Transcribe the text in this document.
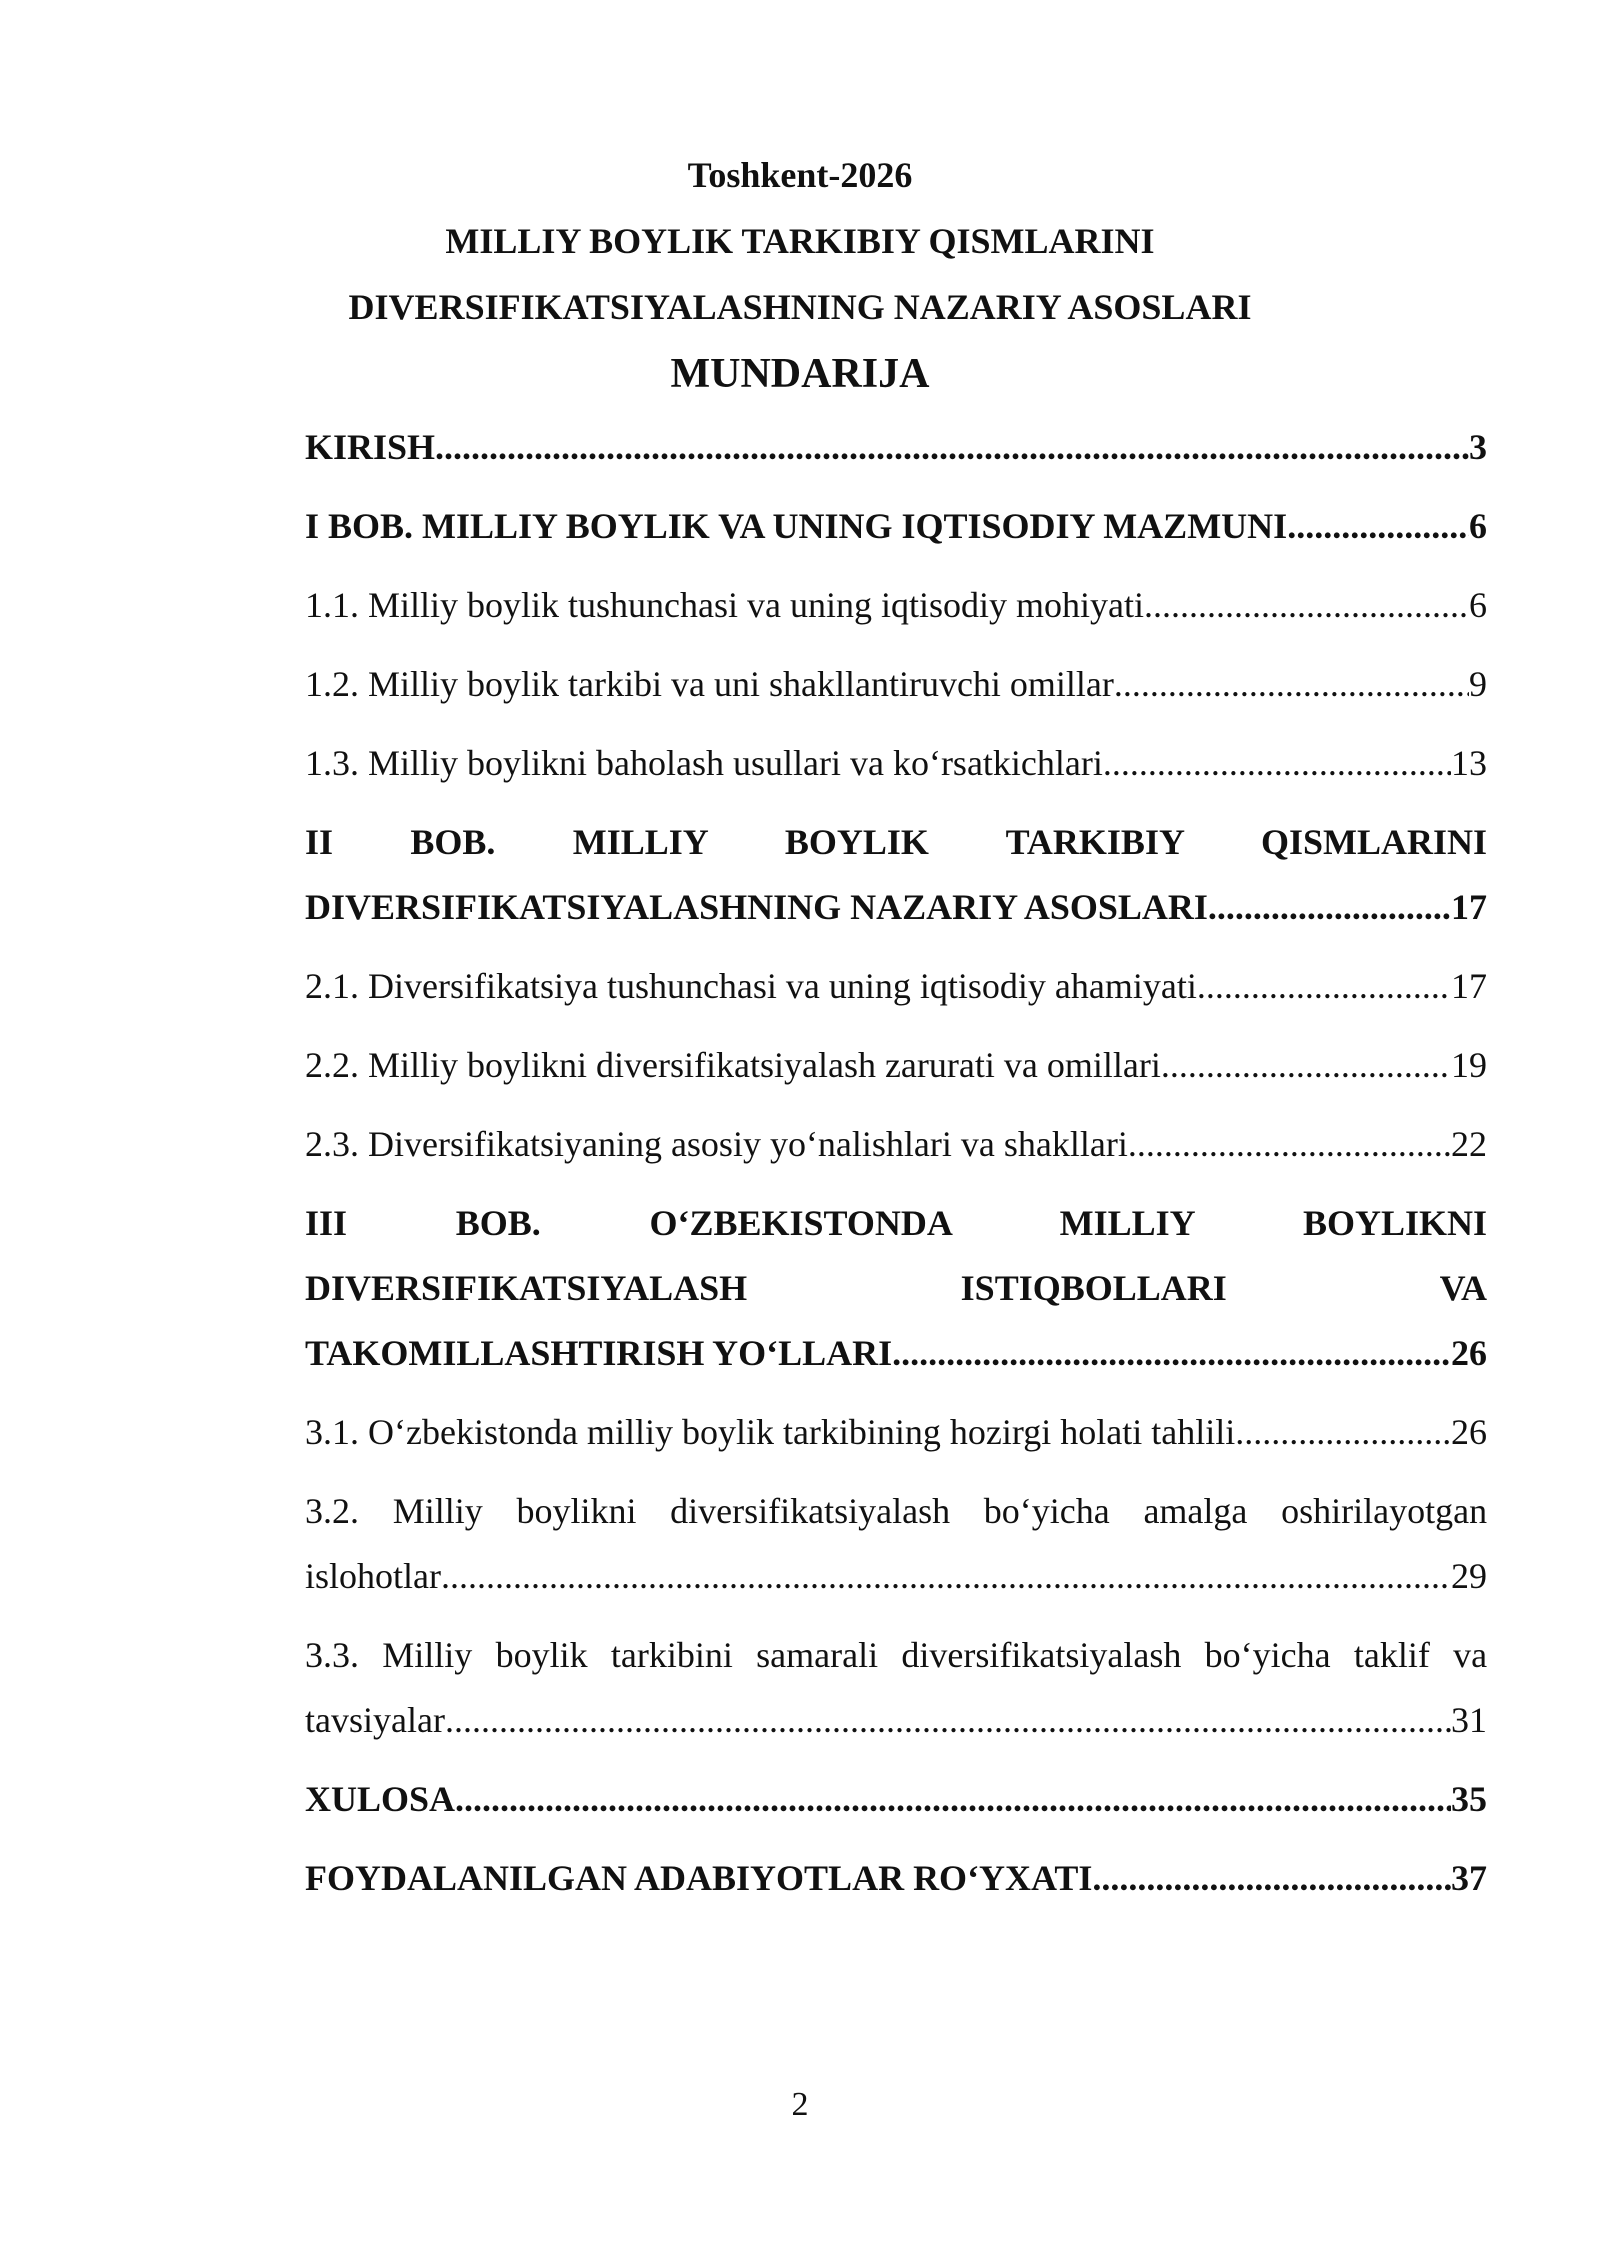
Toshkent-2026
MILLIY BOYLIK TARKIBIY QISMLARINI
DIVERSIFIKATSIYALASHNING NAZARIY ASOSLARI
MUNDARIJA
KIRISH .....	3
I BOB. MILLIY BOYLIK VA UNING IQTISODIY MAZMUNI .....	6
1.1. Milliy boylik tushunchasi va uning iqtisodiy mohiyati .....	6
1.2. Milliy boylik tarkibi va uni shakllantiruvchi omillar .....	9
1.3. Milliy boylikni baholash usullari va ko‘rsatkichlari .....	13
II BOB. MILLIY BOYLIK TARKIBIY QISMLARINI
DIVERSIFIKATSIYALASHNING NAZARIY ASOSLARI .....	17
2.1. Diversifikatsiya tushunchasi va uning iqtisodiy ahamiyati .....	17
2.2. Milliy boylikni diversifikatsiyalash zarurati va omillari .....	19
2.3. Diversifikatsiyaning asosiy yo‘nalishlari va shakllari .....	22
III	BOB.	O‘ZBEKISTONDA	MILLIY	BOYLIKNI
DIVERSIFIKATSIYALASH	ISTIQBOLLARI	VA
TAKOMILLASHTIRISH YO‘LLARI .....	26
3.1. O‘zbekistonda milliy boylik tarkibining hozirgi holati tahlili .....	26
3.2. Milliy boylikni diversifikatsiyalash bo‘yicha amalga oshirilayotgan
islohotlar .....	29
3.3. Milliy boylik tarkibini samarali diversifikatsiyalash bo‘yicha taklif va
tavsiyalar .....	31
XULOSA .....	35
FOYDALANILGAN ADABIYOTLAR RO‘YXATI .....	37
2
